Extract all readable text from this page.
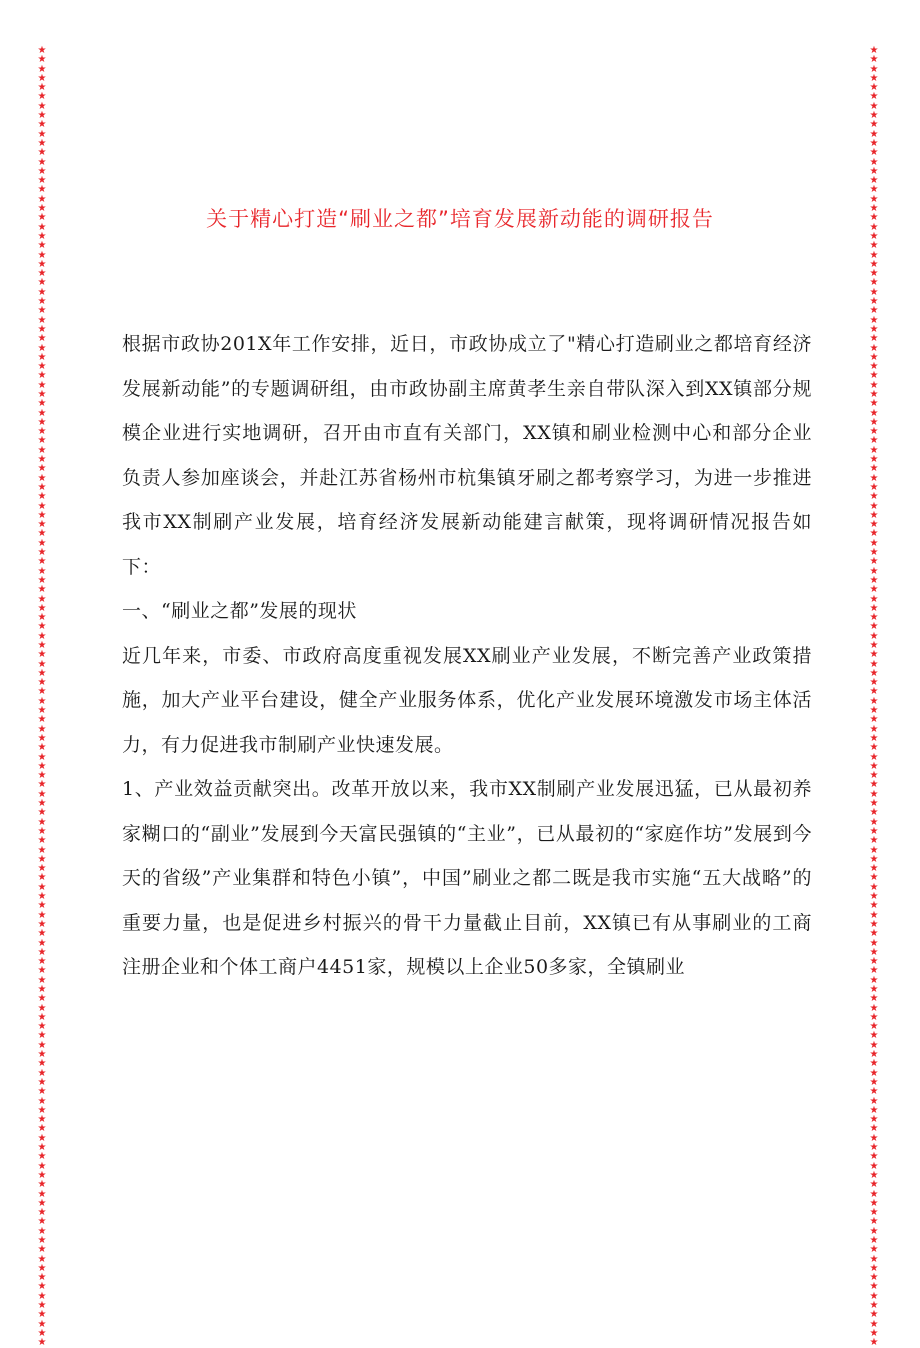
★
★
★
★
★
★
★
★
★
★
★
★
★
★
★
★
★
★
★
★
★
★
★
★
★
★
★
★
★
★
★
★
★
★
★
★
★
★
★
★
★
★
★
★
★
★
★
★
★
★
★
★
★
★
★
★
★
★
★
★
★
★
★
★
★
★
★
★
★
★
★
★
★
★
★
★
★
★
★
★
★
★
★
★
★
★
★
★
★
★
★
★
★
★
★
★
★
★
★
★
★
★
★
★
★
★
★
★
★
★
★
★
★
★
★
★
★
★
★
★
★
★
★
★
★
★
★
★
★
★
★
★
★
★
★
★
★
★
★
★
★
★
★
★
★
★
★
★
★
★
★
★
★
★
★
★
★
★
★
★
★
★
★
★
★
★
★
★
★
★
★
★
★
★
★
★
★
★
★
★
★
★
★
★
★
★
★
★
★
★
★
★
★
★
★
★
★
★
★
★
★
★
★
★
★
★
★
★
★
★
★
★
★
★
★
★
★
★
★
★
★
★
★
★
★
★
★
★
★
★
★
★
★
★
★
★
★
★
★
★
★
★
★
★
★
★
★
★
★
★
★
★
★
★
★
★
★
★
★
★
★
★
★
★
★
★
★
★
★
★
★
★
★
★
★
★
★
★
★
★
关于精心打造“刷业之都”培育发展新动能的调研报告

根据市政协201X年工作安排，近日，市政协成立了"精心打造刷业之都培育经济发展新动能”的专题调研组，由市政协副主席黄孝生亲自带队深入到XX镇部分规模企业进行实地调研，召开由市直有关部门，XX镇和刷业检测中心和部分企业负责人参加座谈会，并赴江苏省杨州市杭集镇牙刷之都考察学习，为进一步推进我市XX制刷产业发展，培育经济发展新动能建言献策，现将调研情况报告如下：

一、“刷业之都”发展的现状

近几年来，市委、市政府高度重视发展XX刷业产业发展，不断完善产业政策措施，加大产业平台建设，健全产业服务体系，优化产业发展环境激发市场主体活力，有力促进我市制刷产业快速发展。

1、产业效益贡献突出。改革开放以来，我市XX制刷产业发展迅猛，已从最初养家糊口的“副业”发展到今天富民强镇的“主业”，已从最初的“家庭作坊”发展到今天的省级”产业集群和特色小镇”，中国”刷业之都二既是我市实施“五大战略”的重要力量，也是促进乡村振兴的骨干力量截止目前，XX镇已有从事刷业的工商注册企业和个体工商户4451家，规模以上企业50多家，全镇刷业
